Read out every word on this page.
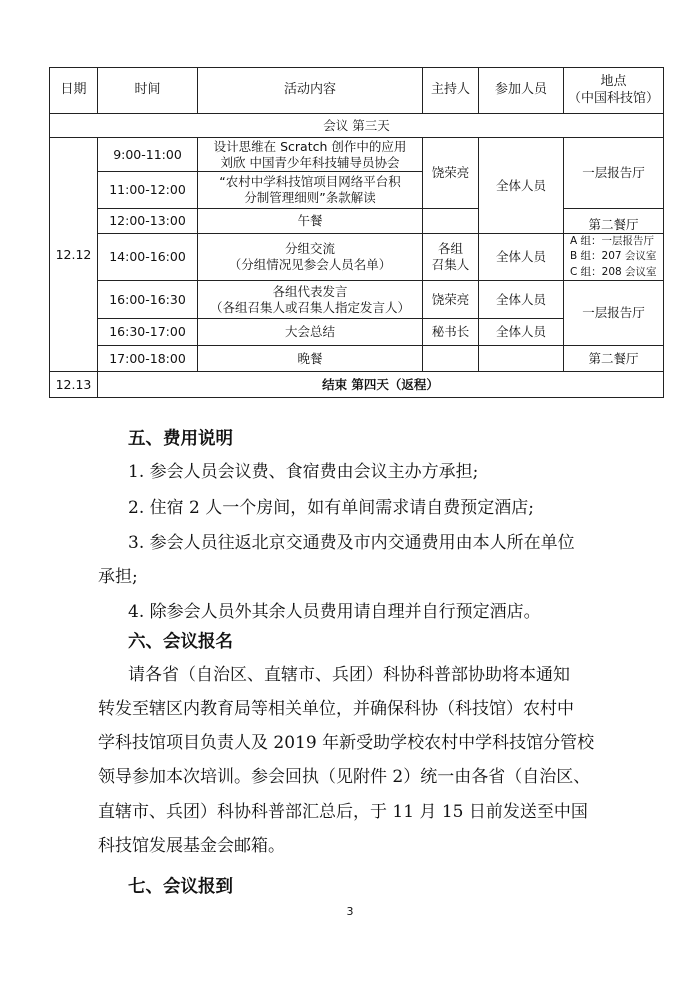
日期	时间	活动内容	主持人	参加人员	地点
（中国科技馆）
会议 第三天					
12.12	9:00-11:00	设计思维在 Scratch 创作中的应用
刘欣 中国青少年科技辅导员协会	饶荣亮	全体人员	一层报告厅
	11:00-12:00	“农村中学科技馆项目网络平台积
分制管理细则”条款解读			

	12:00-13:00	午餐			第二餐厅
	14:00-16:00	分组交流
（分组情况见参会人员名单）	各组
召集人	全体人员	A 组：一层报告厅
B 组：207 会议室
C 组：208 会议室

	16:00-16:30	各组代表发言
（各组召集人或召集人指定发言人）	饶荣亮	全体人员	一层报告厅
	16:30-17:00	大会总结	秘书长	全体人员	
	17:00-18:00	晚餐			第二餐厅
12.13	结束 第四天（返程）				
五、费用说明
1. 参会人员会议费、食宿费由会议主办方承担;
2. 住宿 2 人一个房间，如有单间需求请自费预定酒店;
3. 参会人员往返北京交通费及市内交通费用由本人所在单位
承担;
4. 除参会人员外其余人员费用请自理并自行预定酒店。
六、会议报名
请各省（自治区、直辖市、兵团）科协科普部协助将本通知
转发至辖区内教育局等相关单位，并确保科协（科技馆）农村中
学科技馆项目负责人及 2019 年新受助学校农村中学科技馆分管校
领导参加本次培训。参会回执（见附件 2）统一由各省（自治区、
直辖市、兵团）科协科普部汇总后，于 11 月 15 日前发送至中国
科技馆发展基金会邮箱。
七、会议报到
3
